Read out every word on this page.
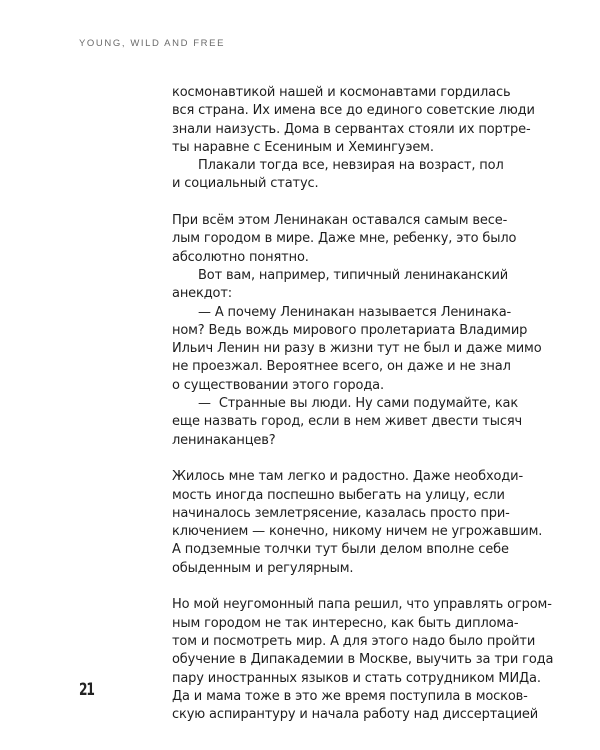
YOUNG, WILD AND FREE
космонавтикой нашей и космонавтами гордилась
вся страна. Их имена все до единого советские люди
знали наизусть. Дома в сервантах стояли их портре-
ты наравне с Есениным и Хемингуэем.
Плакали тогда все, невзирая на возраст, пол
и социальный статус.
При всём этом Ленинакан оставался самым весе-
лым городом в мире. Даже мне, ребенку, это было
абсолютно понятно.
Вот вам, например, типичный ленинаканский
анекдот:
— А почему Ленинакан называется Ленинака-
ном? Ведь вождь мирового пролетариата Владимир
Ильич Ленин ни разу в жизни тут не был и даже мимо
не проезжал. Вероятнее всего, он даже и не знал
о существовании этого города.
—  Странные вы люди. Ну сами подумайте, как
еще назвать город, если в нем живет двести тысяч
ленинаканцев?
Жилось мне там легко и радостно. Даже необходи-
мость иногда поспешно выбегать на улицу, если
начиналось землетрясение, казалась просто при-
ключением — конечно, никому ничем не угрожавшим.
А подземные толчки тут были делом вполне себе
обыденным и регулярным.
Но мой неугомонный папа решил, что управлять огром-
ным городом не так интересно, как быть диплома-
том и посмотреть мир. А для этого надо было пройти
обучение в Дипакадемии в Москве, выучить за три года
пару иностранных языков и стать сотрудником МИДа.
Да и мама тоже в это же время поступила в москов-
скую аспирантуру и начала работу над диссертацией
21
